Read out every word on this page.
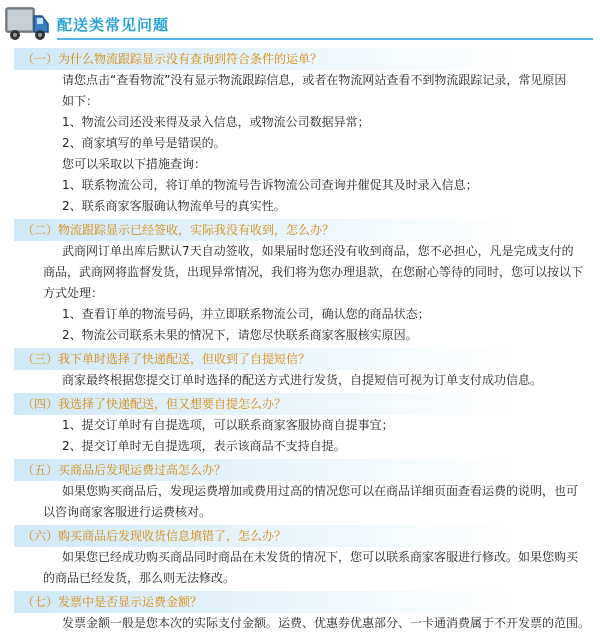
配送类常见问题
（一）为什么物流跟踪显示没有查询到符合条件的运单？

请您点击“查看物流”没有显示物流跟踪信息，或者在物流网站查看不到物流跟踪记录，常见原因

如下：

1、物流公司还没来得及录入信息，或物流公司数据异常；

2、商家填写的单号是错误的。

您可以采取以下措施查询：

1、联系物流公司，将订单的物流号告诉物流公司查询并催促其及时录入信息；

2、联系商家客服确认物流单号的真实性。

（二）物流跟踪显示已经签收，实际我没有收到，怎么办？

武商网订单出库后默认7天自动签收，如果届时您还没有收到商品，您不必担心，凡是完成支付的

商品，武商网将监督发货，出现异常情况，我们将为您办理退款，在您耐心等待的同时，您可以按以下

方式处理：

1、查看订单的物流号码，并立即联系物流公司，确认您的商品状态；

2、物流公司联系未果的情况下，请您尽快联系商家客服核实原因。

（三）我下单时选择了快递配送，但收到了自提短信？

商家最终根据您提交订单时选择的配送方式进行发货，自提短信可视为订单支付成功信息。

（四）我选择了快递配送，但又想要自提怎么办？

1、提交订单时有自提选项，可以联系商家客服协商自提事宜；

2、提交订单时无自提选项，表示该商品不支持自提。

（五）买商品后发现运费过高怎么办？

如果您购买商品后，发现运费增加或费用过高的情况您可以在商品详细页面查看运费的说明，也可

以咨询商家客服进行运费核对。

（六）购买商品后发现收货信息填错了，怎么办？

如果您已经成功购买商品同时商品在未发货的情况下，您可以联系商家客服进行修改。如果您购买

的商品已经发货，那么则无法修改。

（七）发票中是否显示运费金额？

发票金额一般是您本次的实际支付金额。运费、优惠券优惠部分、一卡通消费属于不开发票的范围。
